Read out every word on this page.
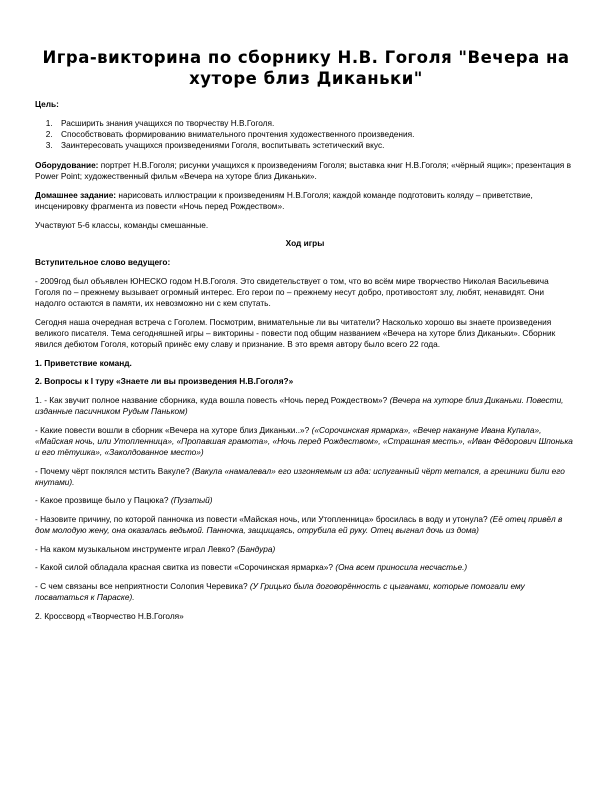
Игра-викторина по сборнику Н.В. Гоголя "Вечера на хуторе близ Диканьки"

Цель:

1. Расширить знания учащихся по творчеству Н.В.Гоголя.
2. Способствовать формированию внимательного прочтения художественного произведения.
3. Заинтересовать учащихся произведениями Гоголя, воспитывать эстетический вкус.

Оборудование: портрет Н.В.Гоголя; рисунки учащихся к произведениям Гоголя; выставка книг Н.В.Гоголя; «чёрный ящик»; презентация в Power Point; художественный фильм «Вечера на хуторе близ Диканьки».

Домашнее задание: нарисовать иллюстрации к произведениям Н.В.Гоголя; каждой команде подготовить коляду – приветствие, инсценировку фрагмента из повести «Ночь перед Рождеством».

Участвуют 5-6 классы, команды смешанные.

Ход игры

Вступительное слово ведущего:

- 2009год был объявлен ЮНЕСКО годом Н.В.Гоголя. Это свидетельствует о том, что во всём мире творчество Николая Васильевича Гоголя по – прежнему вызывает огромный интерес. Его герои по – прежнему несут добро, противостоят злу, любят, ненавидят. Они надолго остаются в памяти, их невозможно ни с кем спутать.

Сегодня наша очередная встреча с Гоголем. Посмотрим, внимательные ли вы читатели? Насколько хорошо вы знаете произведения великого писателя. Тема сегодняшней игры – викторины - повести под общим названием «Вечера на хуторе близ Диканьки». Сборник явился дебютом Гоголя, который принёс ему славу и признание. В это время автору было всего 22 года.

1. Приветствие команд.

2. Вопросы к I туру «Знаете ли вы произведения Н.В.Гоголя?»

1. - Как звучит полное название сборника, куда вошла повесть «Ночь перед Рождеством»? (Вечера на хуторе близ Диканьки. Повести, изданные пасичником Рудым Паньком)

- Какие повести вошли в сборник «Вечера на хуторе близ Диканьки..»? («Сорочинская ярмарка», «Вечер накануне Ивана Купала», «Майская ночь, или Утопленница», «Пропавшая грамота», «Ночь перед Рождеством», «Страшная месть», «Иван Фёдорович Шпонька и его тётушка», «Заколдованное место»)

- Почему чёрт поклялся мстить Вакуле? (Вакула «намалевал» его изгоняемым из ада: испуганный чёрт метался, а грешники били его кнутами).

- Какое прозвище было у Пацюка? (Пузатый)

- Назовите причину, по которой панночка из повести «Майская ночь, или Утопленница» бросилась в воду и утонула? (Её отец привёл в дом молодую жену, она оказалась ведьмой. Панночка, защищаясь, отрубила ей руку. Отец выгнал дочь из дома)

- На каком музыкальном инструменте играл Левко? (Бандура)

- Какой силой обладала красная свитка из повести «Сорочинская ярмарка»? (Она всем приносила несчастье.)

- С чем связаны все неприятности Солопия Черевика? (У Грицько была договорённость с цыганами, которые помогали ему посвататься к Параске).

2. Кроссворд «Творчество Н.В.Гоголя»
